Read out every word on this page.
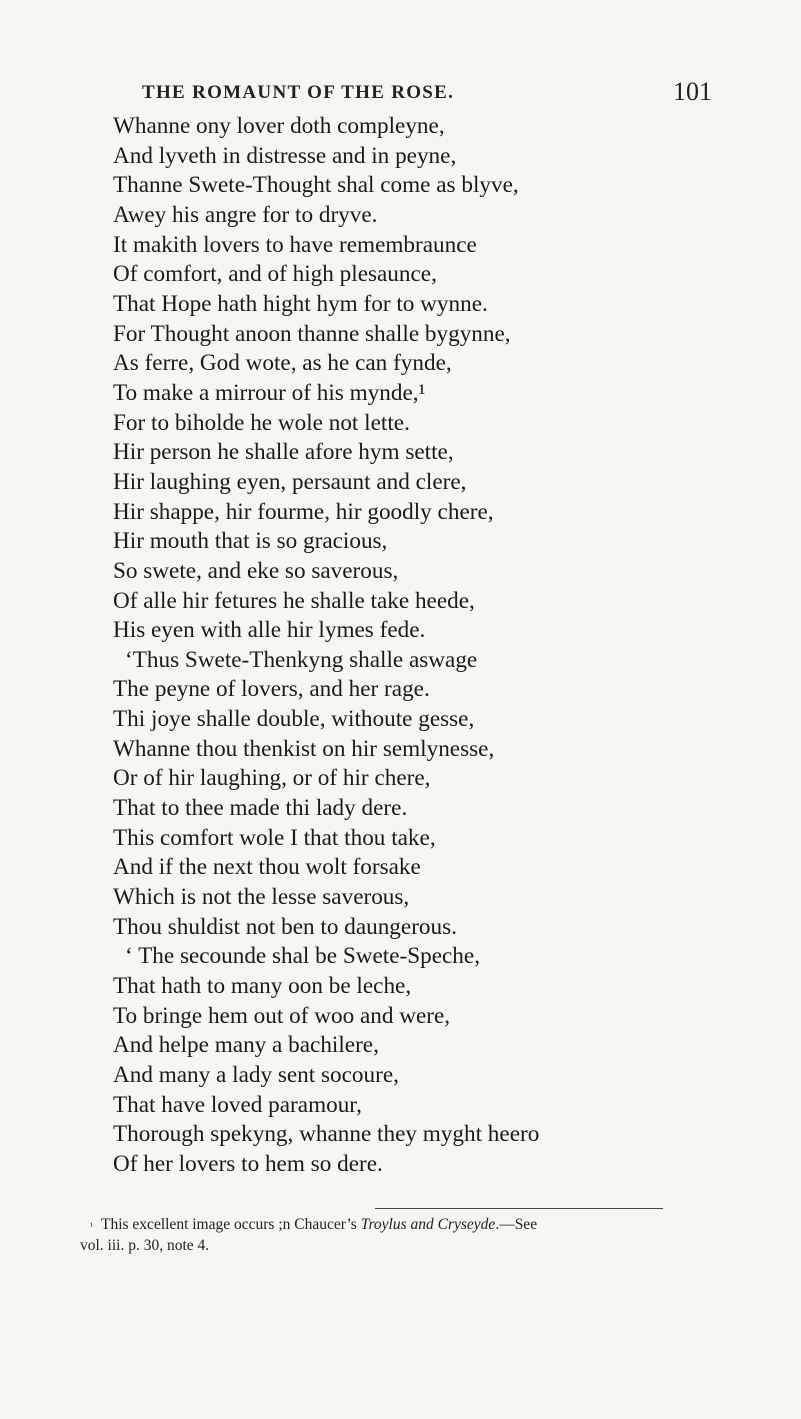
THE ROMAUNT OF THE ROSE.	101
Whanne ony lover doth compleyne,
And lyveth in distresse and in peyne,
Thanne Swete-Thought shal come as blyve,
Awey his angre for to dryve.
It makith lovers to have remembraunce
Of comfort, and of high plesaunce,
That Hope hath hight hym for to wynne.
For Thought anoon thanne shalle bygynne,
As ferre, God wote, as he can fynde,
To make a mirrour of his mynde,¹
For to biholde he wole not lette.
Hir person he shalle afore hym sette,
Hir laughing eyen, persaunt and clere,
Hir shappe, hir fourme, hir goodly chere,
Hir mouth that is so gracious,
So swete, and eke so saverous,
Of alle hir fetures he shalle take heede,
His eyen with alle hir lymes fede.
‘Thus Swete-Thenkyng shalle aswage
The peyne of lovers, and her rage.
Thi joye shalle double, withoute gesse,
Whanne thou thenkist on hir semlynesse,
Or of hir laughing, or of hir chere,
That to thee made thi lady dere.
This comfort wole I that thou take,
And if the next thou wolt forsake
Which is not the lesse saverous,
Thou shuldist not ben to daungerous.
‘ The secounde shal be Swete-Speche,
That hath to many oon be leche,
To bringe hem out of woo and were,
And helpe many a bachilere,
And many a lady sent socoure,
That have loved paramour,
Thorough spekyng, whanne they myght heero
Of her lovers to hem so dere.
$^{^1}$ This excellent image occurs ;n Chaucer’s Troylus and Cryseyde.—See
vol. iii. p. 30, note 4.
